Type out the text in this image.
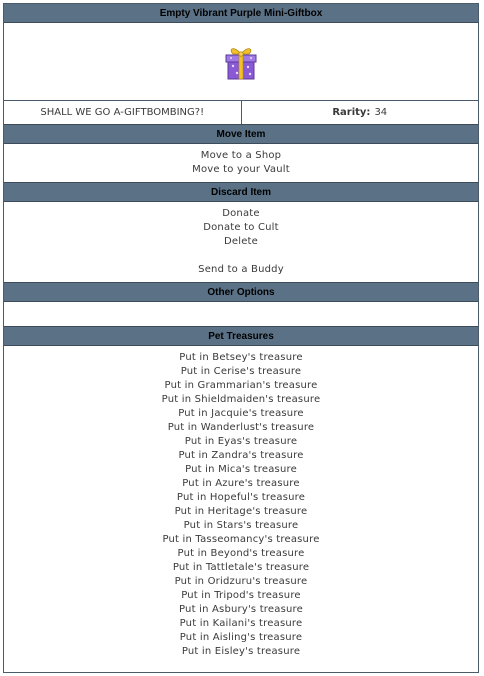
Empty Vibrant Purple Mini-Giftbox
SHALL WE GO A-GIFTBOMBING?!	Rarity: 34
Move Item
Move to a Shop
Move to your Vault
Discard Item
Donate
Donate to Cult
Delete
Send to a Buddy
Other Options
Pet Treasures
Put in Betsey's treasure
Put in Cerise's treasure
Put in Grammarian's treasure
Put in Shieldmaiden's treasure
Put in Jacquie's treasure
Put in Wanderlust's treasure
Put in Eyas's treasure
Put in Zandra's treasure
Put in Mica's treasure
Put in Azure's treasure
Put in Hopeful's treasure
Put in Heritage's treasure
Put in Stars's treasure
Put in Tasseomancy's treasure
Put in Beyond's treasure
Put in Tattletale's treasure
Put in Oridzuru's treasure
Put in Tripod's treasure
Put in Asbury's treasure
Put in Kailani's treasure
Put in Aisling's treasure
Put in Eisley's treasure
